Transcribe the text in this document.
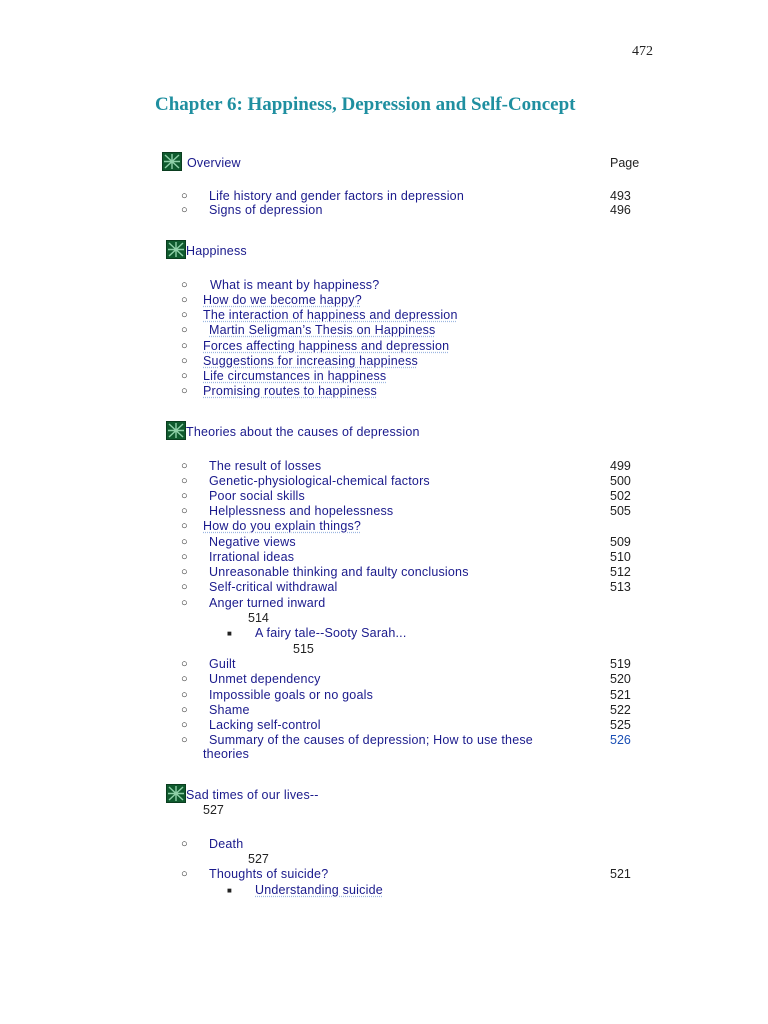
472
Chapter 6: Happiness, Depression and Self-Concept
Overview	Page
○ Life history and gender factors in depression	493
○ Signs of depression	496
Happiness
○ What is meant by happiness?
○ How do we become happy?
○ The interaction of happiness and depression
○ Martin Seligman’s Thesis on Happiness
○ Forces affecting happiness and depression
○ Suggestions for increasing happiness
○ Life circumstances in happiness
○ Promising routes to happiness
Theories about the causes of depression
○ The result of losses	499
○ Genetic-physiological-chemical factors	500
○ Poor social skills	502
○ Helplessness and hopelessness	505
○ How do you explain things?
○ Negative views	509
○ Irrational ideas	510
○ Unreasonable thinking and faulty conclusions	512
○ Self-critical withdrawal	513
○ Anger turned inward
514
■ A fairy tale--Sooty Sarah...
515
○ Guilt	519
○ Unmet dependency	520
○ Impossible goals or no goals	521
○ Shame	522
○ Lacking self-control	525
○ Summary of the causes of depression; How to use these
theories
526
Sad times of our lives--
527
○ Death
527
○ Thoughts of suicide?	521
■ Understanding suicide
